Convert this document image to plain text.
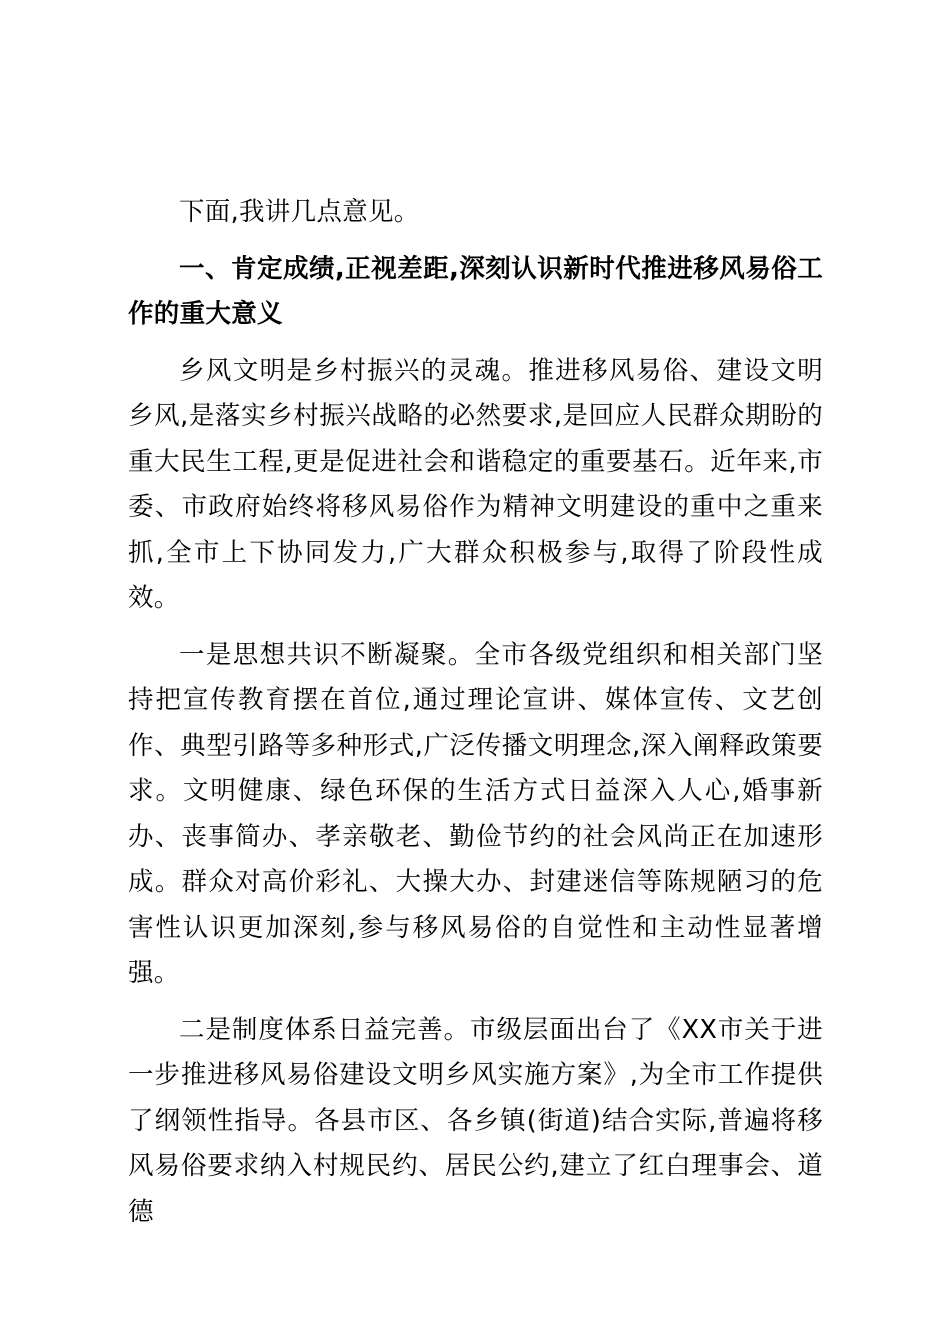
下面,我讲几点意见。

一、肯定成绩,正视差距,深刻认识新时代推进移风易俗工作的重大意义

乡风文明是乡村振兴的灵魂。推进移风易俗、建设文明乡风,是落实乡村振兴战略的必然要求,是回应人民群众期盼的重大民生工程,更是促进社会和谐稳定的重要基石。近年来,市委、市政府始终将移风易俗作为精神文明建设的重中之重来抓,全市上下协同发力,广大群众积极参与,取得了阶段性成效。

一是思想共识不断凝聚。全市各级党组织和相关部门坚持把宣传教育摆在首位,通过理论宣讲、媒体宣传、文艺创作、典型引路等多种形式,广泛传播文明理念,深入阐释政策要求。文明健康、绿色环保的生活方式日益深入人心,婚事新办、丧事简办、孝亲敬老、勤俭节约的社会风尚正在加速形成。群众对高价彩礼、大操大办、封建迷信等陈规陋习的危害性认识更加深刻,参与移风易俗的自觉性和主动性显著增强。

二是制度体系日益完善。市级层面出台了《XX市关于进一步推进移风易俗建设文明乡风实施方案》,为全市工作提供了纲领性指导。各县市区、各乡镇(街道)结合实际,普遍将移风易俗要求纳入村规民约、居民公约,建立了红白理事会、道德
